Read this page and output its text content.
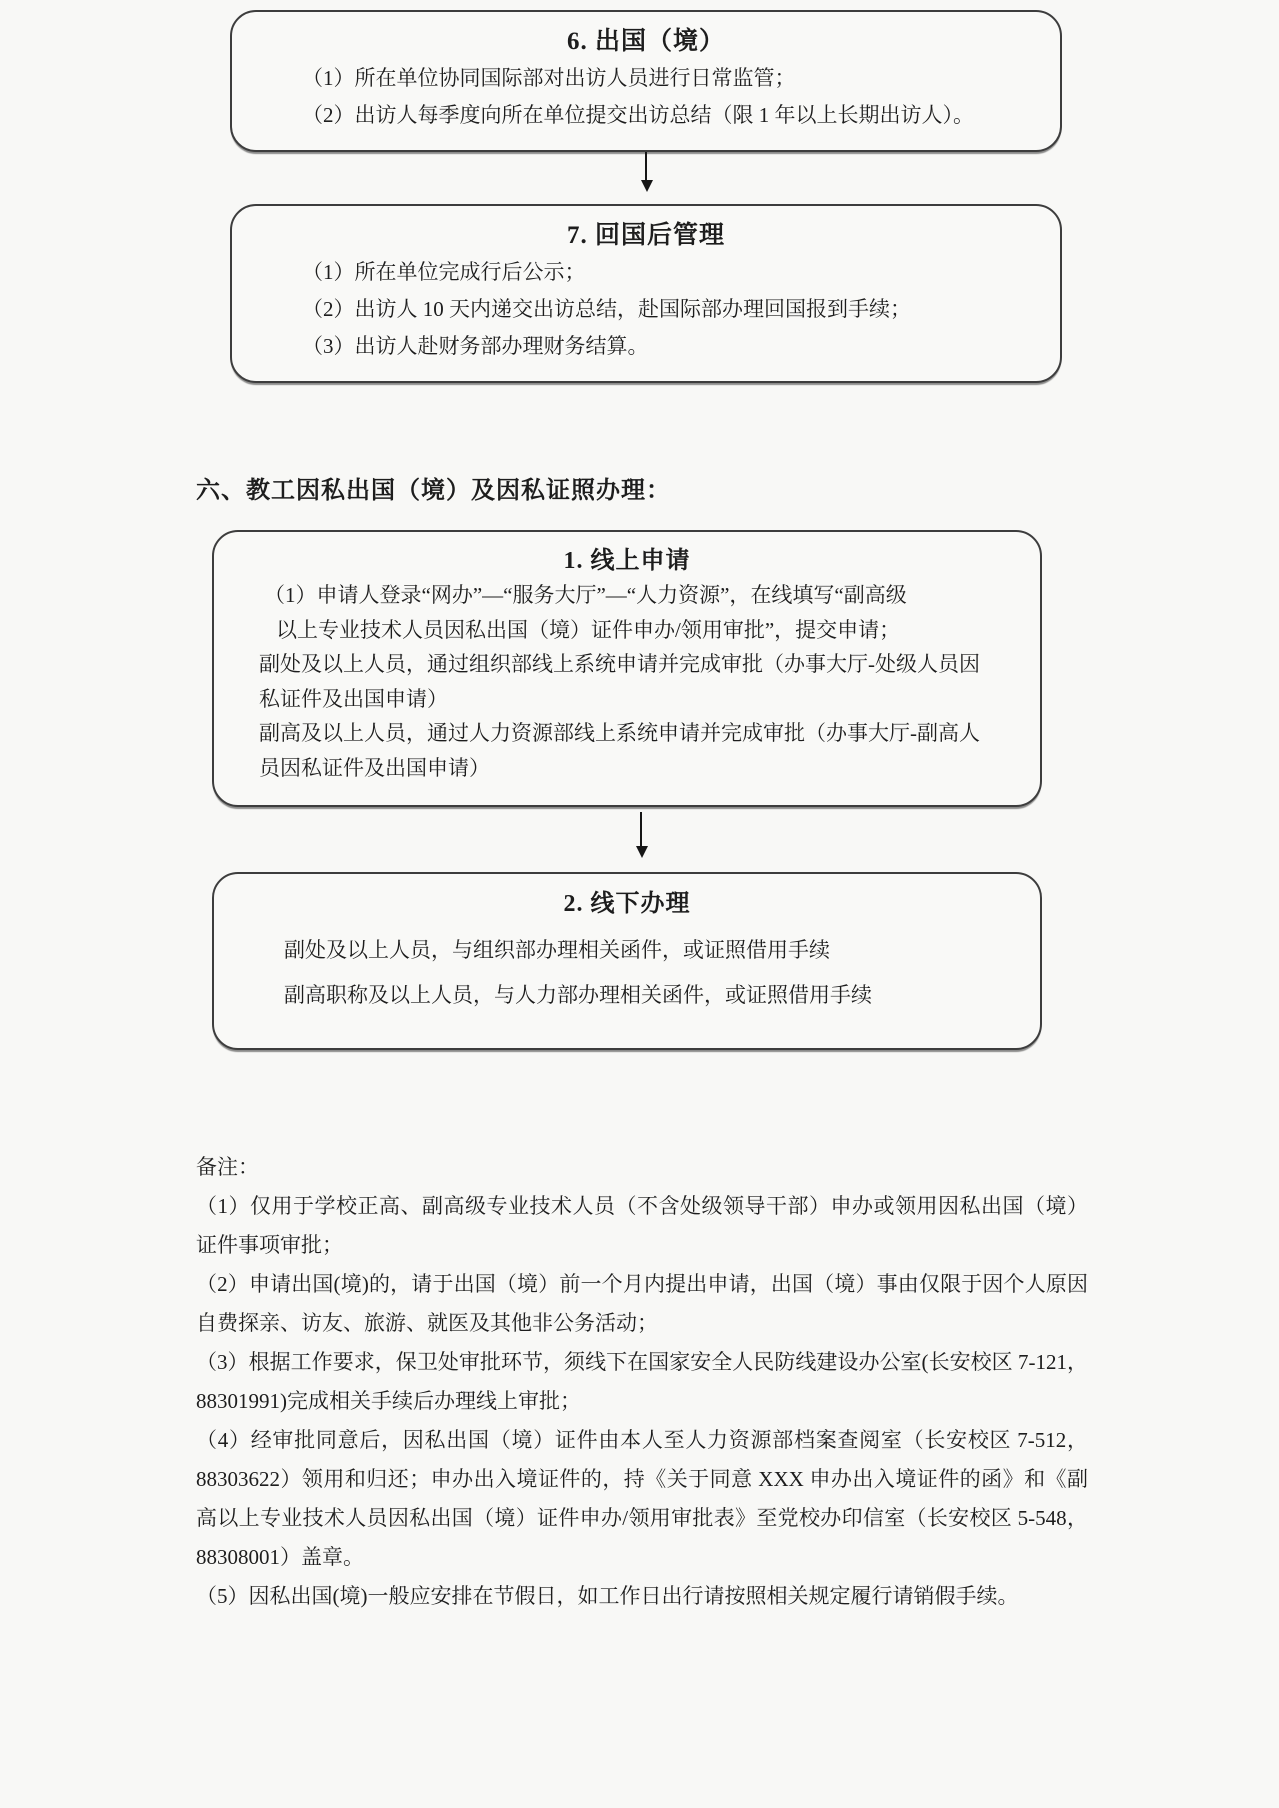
6. 出国（境）
（1）所在单位协同国际部对出访人员进行日常监管；
（2）出访人每季度向所在单位提交出访总结（限 1 年以上长期出访人）。
7. 回国后管理
（1）所在单位完成行后公示；
（2）出访人 10 天内递交出访总结，赴国际部办理回国报到手续；
（3）出访人赴财务部办理财务结算。
六、教工因私出国（境）及因私证照办理：
1. 线上申请
（1）申请人登录“网办”—“服务大厅”—“人力资源”，在线填写“副高级
以上专业技术人员因私出国（境）证件申办/领用审批”，提交申请；
副处及以上人员，通过组织部线上系统申请并完成审批（办事大厅-处级人员因
私证件及出国申请）
副高及以上人员，通过人力资源部线上系统申请并完成审批（办事大厅-副高人
员因私证件及出国申请）
2. 线下办理
副处及以上人员，与组织部办理相关函件，或证照借用手续
副高职称及以上人员，与人力部办理相关函件，或证照借用手续

备注：

（1）仅用于学校正高、副高级专业技术人员（不含处级领导干部）申办或领用因私出国（境）证件事项审批；

（2）申请出国(境)的，请于出国（境）前一个月内提出申请，出国（境）事由仅限于因个人原因自费探亲、访友、旅游、就医及其他非公务活动；

（3）根据工作要求，保卫处审批环节，须线下在国家安全人民防线建设办公室(长安校区 7-121，88301991)完成相关手续后办理线上审批；

（4）经审批同意后，因私出国（境）证件由本人至人力资源部档案查阅室（长安校区 7-512，88303622）领用和归还；申办出入境证件的，持《关于同意 XXX 申办出入境证件的函》和《副高以上专业技术人员因私出国（境）证件申办/领用审批表》至党校办印信室（长安校区 5-548，88308001）盖章。

（5）因私出国(境)一般应安排在节假日，如工作日出行请按照相关规定履行请销假手续。
